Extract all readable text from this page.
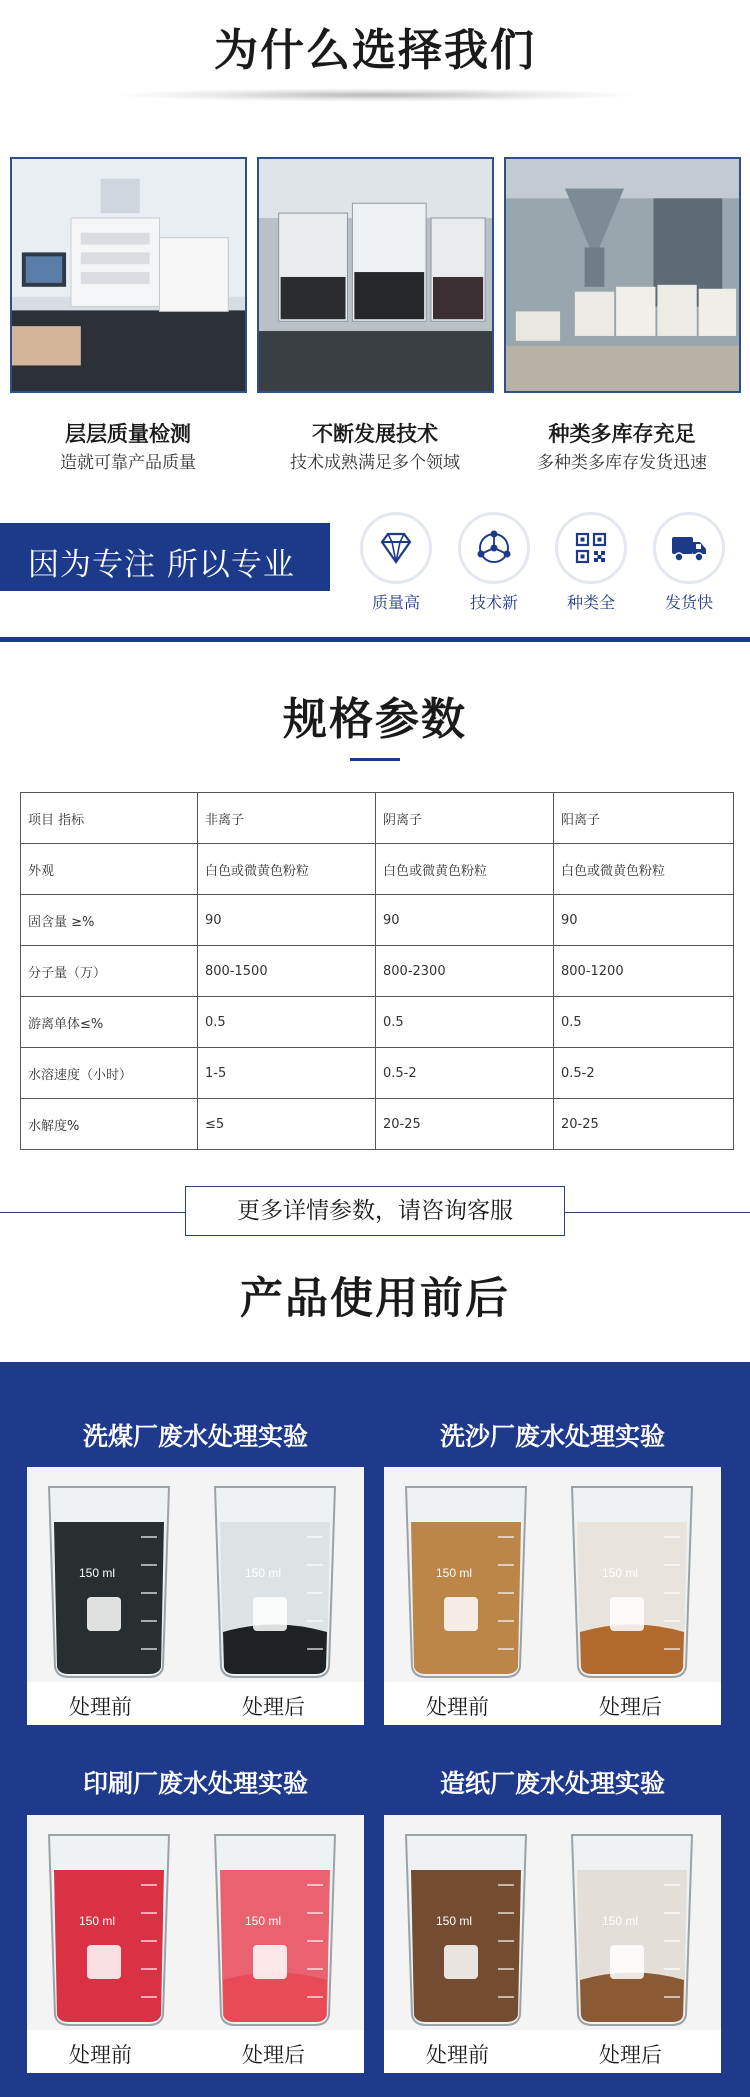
为什么选择我们
层层质量检测
造就可靠产品质量
不断发展技术
技术成熟满足多个领域
种类多库存充足
多种类多库存发货迅速
因为专注 所以专业
质量高	技术新	种类全	发货快
规格参数
项目 指标	非离子	阴离子	阳离子
外观	白色或微黄色粉粒	白色或微黄色粉粒	白色或微黄色粉粒
固含量 ≥%	90	90	90
分子量（万）	800-1500	800-2300	800-1200
游离单体≤%	0.5	0.5	0.5
水溶速度（小时）	1-5	0.5-2	0.5-2
水解度%	≤5	20-25	20-25
更多详情参数，请咨询客服
产品使用前后
洗煤厂废水处理实验
150 ml	150 ml
处理前	处理后
洗沙厂废水处理实验
150 ml	150 ml
处理前	处理后
印刷厂废水处理实验
150 ml	150 ml
处理前	处理后
造纸厂废水处理实验
150 ml	150 ml
处理前	处理后
